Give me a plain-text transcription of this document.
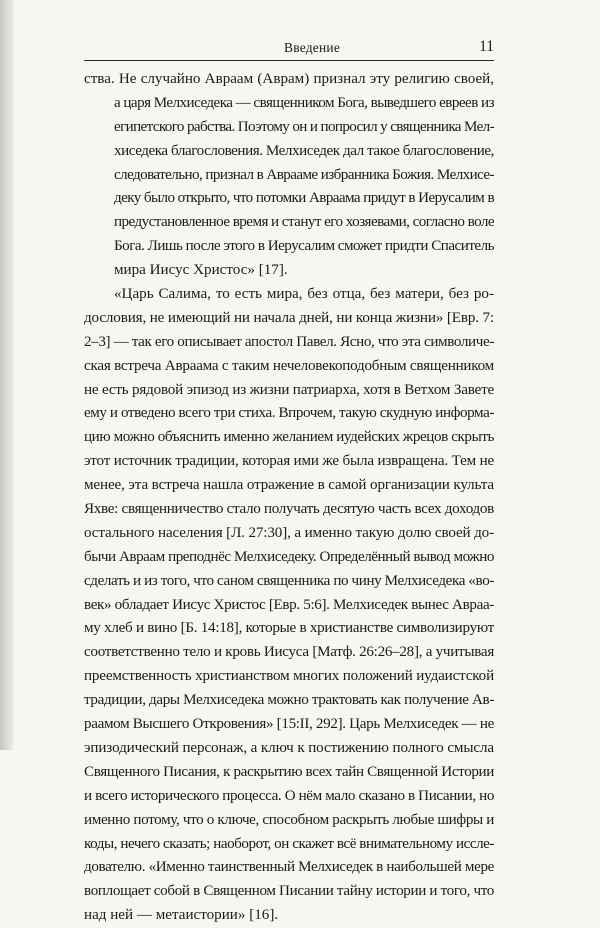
Введение	11
ства. Не случайно Авраам (Аврам) признал эту религию своей,
а царя Мелхиседека — священником Бога, выведшего евреев из
египетского рабства. Поэтому он и попросил у священника Мел-
хиседека благословения. Мелхиседек дал такое благословение,
следовательно, признал в Аврааме избранника Божия. Мелхисе-
деку было открыто, что потомки Авраама придут в Иерусалим в
предустановленное время и станут его хозяевами, согласно воле
Бога. Лишь после этого в Иерусалим сможет придти Спаситель
мира Иисус Христос» [17].
«Царь Салима, то есть мира, без отца, без матери, без ро-
дословия, не имеющий ни начала дней, ни конца жизни» [Евр. 7:
2–3] — так его описывает апостол Павел. Ясно, что эта символиче-
ская встреча Авраама с таким нечеловекоподобным священником
не есть рядовой эпизод из жизни патриарха, хотя в Ветхом Завете
ему и отведено всего три стиха. Впрочем, такую скудную информа-
цию можно объяснить именно желанием иудейских жрецов скрыть
этот источник традиции, которая ими же была извращена. Тем не
менее, эта встреча нашла отражение в самой организации культа
Яхве: священничество стало получать десятую часть всех доходов
остального населения [Л. 27:30], а именно такую долю своей до-
бычи Авраам преподнёс Мелхиседеку. Определённый вывод можно
сделать и из того, что саном священника по чину Мелхиседека «во-
век» обладает Иисус Христос [Евр. 5:6]. Мелхиседек вынес Авраа-
му хлеб и вино [Б. 14:18], которые в христианстве символизируют
соответственно тело и кровь Иисуса [Матф. 26:26–28], а учитывая
преемственность христианством многих положений иудаистской
традиции, дары Мелхиседека можно трактовать как получение Ав-
раамом Высшего Откровения» [15:II, 292]. Царь Мелхиседек — не
эпизодический персонаж, а ключ к постижению полного смысла
Священного Писания, к раскрытию всех тайн Священной Истории
и всего исторического процесса. О нём мало сказано в Писании, но
именно потому, что о ключе, способном раскрыть любые шифры и
коды, нечего сказать; наоборот, он скажет всё внимательному иссле-
дователю. «Именно таинственный Мелхиседек в наибольшей мере
воплощает собой в Священном Писании тайну истории и того, что
над ней — метаистории» [16].
